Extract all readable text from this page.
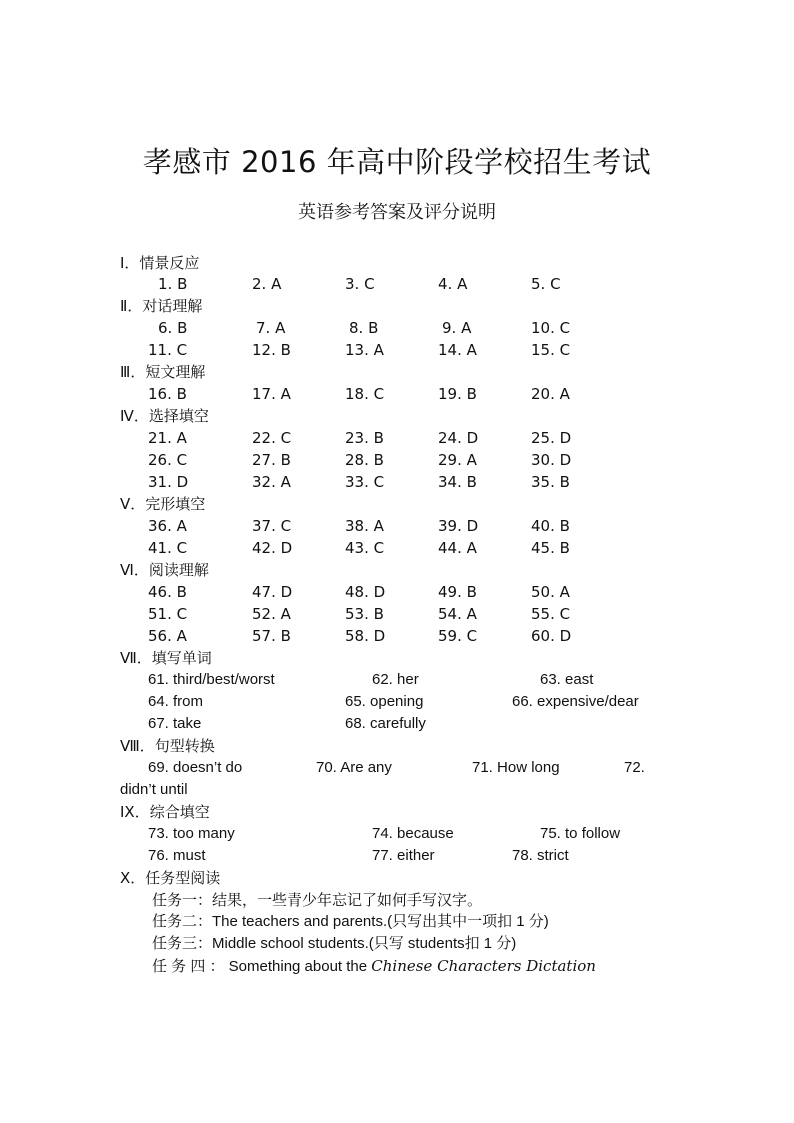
孝感市 2016 年高中阶段学校招生考试
英语参考答案及评分说明
I．情景反应
1. B	2. A	3. C	4. A	5. C
Ⅱ．对话理解
6. B	7. A	8. B	9. A	10. C
11. C	12. B	13. A	14. A	15. C
Ⅲ．短文理解
16. B	17. A	18. C	19. B	20. A
Ⅳ．选择填空
21. A	22. C	23. B	24. D	25. D
26. C	27. B	28. B	29. A	30. D
31. D	32. A	33. C	34. B	35. B
V．完形填空
36. A	37. C	38. A	39. D	40. B
41. C	42. D	43. C	44. A	45. B
Ⅵ．阅读理解
46. B	47. D	48. D	49. B	50. A
51. C	52. A	53. B	54. A	55. C
56. A	57. B	58. D	59. C	60. D
Ⅶ．填写单词
61. third/best/worst	62. her	63. east
64. from	65. opening	66. expensive/dear
67. take	68. carefully
Ⅷ．句型转换
69. doesn’t do	70. Are any	71. How long	72.
didn’t until
IX．综合填空
73. too many	74. because	75. to follow
76. must	77. either	78. strict
X．任务型阅读
任务一：结果，一些青少年忘记了如何手写汉字。
任务二：The teachers and parents.(只写出其中一项扣 1 分)
任务三：Middle school students.(只写 students扣 1 分)
任 务 四 ： Something about the Chinese Characters Dictation
